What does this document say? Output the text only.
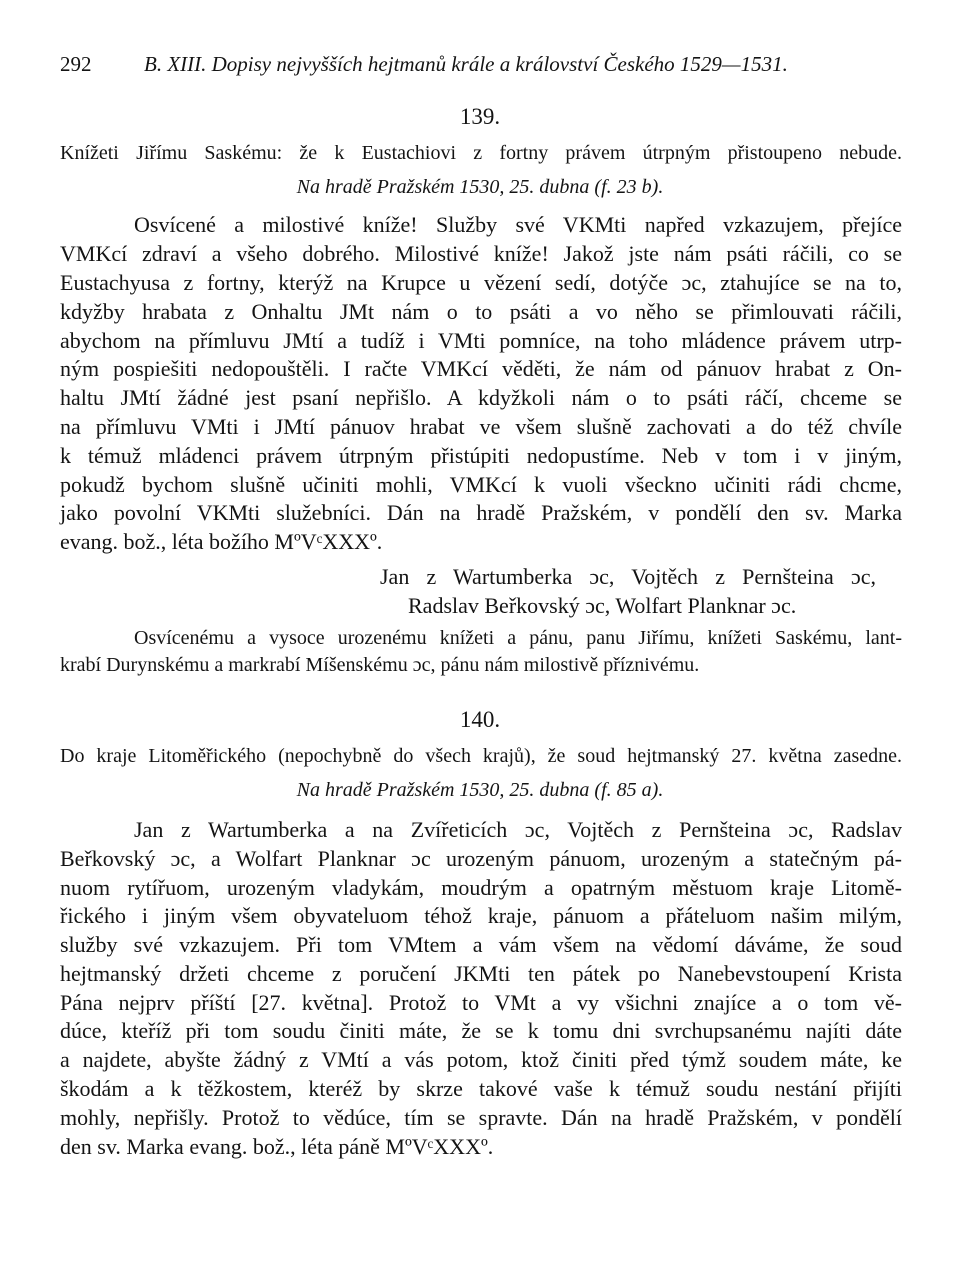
292	B. XIII. Dopisy nejvyšších hejtmanů krále a království Českého 1529—1531.
139.
Knížeti Jiřímu Saskému: že k Eustachiovi z fortny právem útrpným přistoupeno nebude.
Na hradě Pražském 1530, 25. dubna (f. 23 b).
Osvícené a milostivé kníže! Služby své VKMti napřed vzkazujem, přejíce
VMKcí zdraví a všeho dobrého. Milostivé kníže! Jakož jste nám psáti ráčili, co se
Eustachyusa z fortny, kterýž na Krupce u vězení sedí, dotýče ɔc, ztahujíce se na to,
kdyžby hrabata z Onhaltu JMt nám o to psáti a vo něho se přimlouvati ráčili,
abychom na přímluvu JMtí a tudíž i VMti pomníce, na toho mládence právem utrp-
ným pospiešiti nedopouštěli. I račte VMKcí věděti, že nám od pánuov hrabat z On-
haltu JMtí žádné jest psaní nepřišlo. A kdyžkoli nám o to psáti ráčí, chceme se
na přímluvu VMti i JMtí pánuov hrabat ve všem slušně zachovati a do též chvíle
k témuž mládenci právem útrpným přistúpiti nedopustíme. Neb v tom i v jiným,
pokudž bychom slušně učiniti mohli, VMKcí k vuoli všeckno učiniti rádi chcme,
jako povolní VKMti služebníci. Dán na hradě Pražském, v pondělí den sv. Marka
evang. bož., léta božího MºVᶜXXXº.
Jan z Wartumberka ɔc, Vojtěch z Pernšteina ɔc,
Radslav Beřkovský ɔc, Wolfart Planknar ɔc.
Osvícenému a vysoce urozenému knížeti a pánu, panu Jiřímu, knížeti Saskému, lant-
krabí Durynskému a markrabí Míšenskému ɔc, pánu nám milostivě příznivému.
140.
Do kraje Litoměřického (nepochybně do všech krajů), že soud hejtmanský 27. května zasedne.
Na hradě Pražském 1530, 25. dubna (f. 85 a).
Jan z Wartumberka a na Zvířeticích ɔc, Vojtěch z Pernšteina ɔc, Radslav
Beřkovský ɔc, a Wolfart Planknar ɔc urozeným pánuom, urozeným a statečným pá-
nuom rytířuom, urozeným vladykám, moudrým a opatrným městuom kraje Litomě-
řického i jiným všem obyvateluom téhož kraje, pánuom a přáteluom našim milým,
služby své vzkazujem. Při tom VMtem a vám všem na vědomí dáváme, že soud
hejtmanský držeti chceme z poručení JKMti ten pátek po Nanebevstoupení Krista
Pána nejprv příští [27. května]. Protož to VMt a vy všichni znajíce a o tom vě-
dúce, kteříž při tom soudu činiti máte, že se k tomu dni svrchupsanému najíti dáte
a najdete, abyšte žádný z VMtí a vás potom, ktož činiti před týmž soudem máte, ke
škodám a k těžkostem, kteréž by skrze takové vaše k témuž soudu nestání přijíti
mohly, nepřišly. Protož to vědúce, tím se spravte. Dán na hradě Pražském, v pondělí
den sv. Marka evang. bož., léta páně MºVᶜXXXº.
